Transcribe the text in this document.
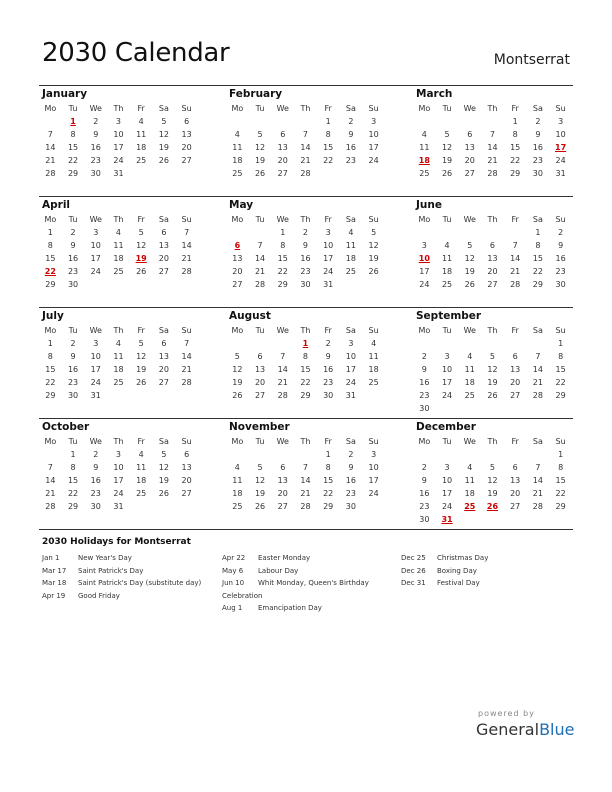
2030 Calendar	Montserrat
January
Mo	Tu	We	Th	Fr	Sa	Su
	1	2	3	4	5	6
7	8	9	10	11	12	13
14	15	16	17	18	19	20
21	22	23	24	25	26	27
28	29	30	31			
February
Mo	Tu	We	Th	Fr	Sa	Su
				1	2	3
4	5	6	7	8	9	10
11	12	13	14	15	16	17
18	19	20	21	22	23	24
25	26	27	28			
March
Mo	Tu	We	Th	Fr	Sa	Su
				1	2	3
4	5	6	7	8	9	10
11	12	13	14	15	16	17
18	19	20	21	22	23	24
25	26	27	28	29	30	31
April
Mo	Tu	We	Th	Fr	Sa	Su
1	2	3	4	5	6	7
8	9	10	11	12	13	14
15	16	17	18	19	20	21
22	23	24	25	26	27	28
29	30					
May
Mo	Tu	We	Th	Fr	Sa	Su
		1	2	3	4	5
6	7	8	9	10	11	12
13	14	15	16	17	18	19
20	21	22	23	24	25	26
27	28	29	30	31		
June
Mo	Tu	We	Th	Fr	Sa	Su
					1	2
3	4	5	6	7	8	9
10	11	12	13	14	15	16
17	18	19	20	21	22	23
24	25	26	27	28	29	30
July
Mo	Tu	We	Th	Fr	Sa	Su
1	2	3	4	5	6	7
8	9	10	11	12	13	14
15	16	17	18	19	20	21
22	23	24	25	26	27	28
29	30	31				
August
Mo	Tu	We	Th	Fr	Sa	Su
			1	2	3	4
5	6	7	8	9	10	11
12	13	14	15	16	17	18
19	20	21	22	23	24	25
26	27	28	29	30	31	
September
Mo	Tu	We	Th	Fr	Sa	Su
						1
2	3	4	5	6	7	8
9	10	11	12	13	14	15
16	17	18	19	20	21	22
23	24	25	26	27	28	29
30						
October
Mo	Tu	We	Th	Fr	Sa	Su
	1	2	3	4	5	6
7	8	9	10	11	12	13
14	15	16	17	18	19	20
21	22	23	24	25	26	27
28	29	30	31			
November
Mo	Tu	We	Th	Fr	Sa	Su
				1	2	3
4	5	6	7	8	9	10
11	12	13	14	15	16	17
18	19	20	21	22	23	24
25	26	27	28	29	30	
December
Mo	Tu	We	Th	Fr	Sa	Su
						1
2	3	4	5	6	7	8
9	10	11	12	13	14	15
16	17	18	19	20	21	22
23	24	25	26	27	28	29
30	31					
2030 Holidays for Montserrat
Jan 1	New Year's Day
Mar 17 Saint Patrick's Day
Mar 18 Saint Patrick's Day (substitute day)
Apr 19 Good Friday
Apr 22 Easter Monday
May 6 Labour Day
Jun 10 Whit Monday, Queen's Birthday
Celebration
Aug 1 Emancipation Day
Dec 25 Christmas Day
Dec 26 Boxing Day
Dec 31 Festival Day
powered by
GeneralBlue
